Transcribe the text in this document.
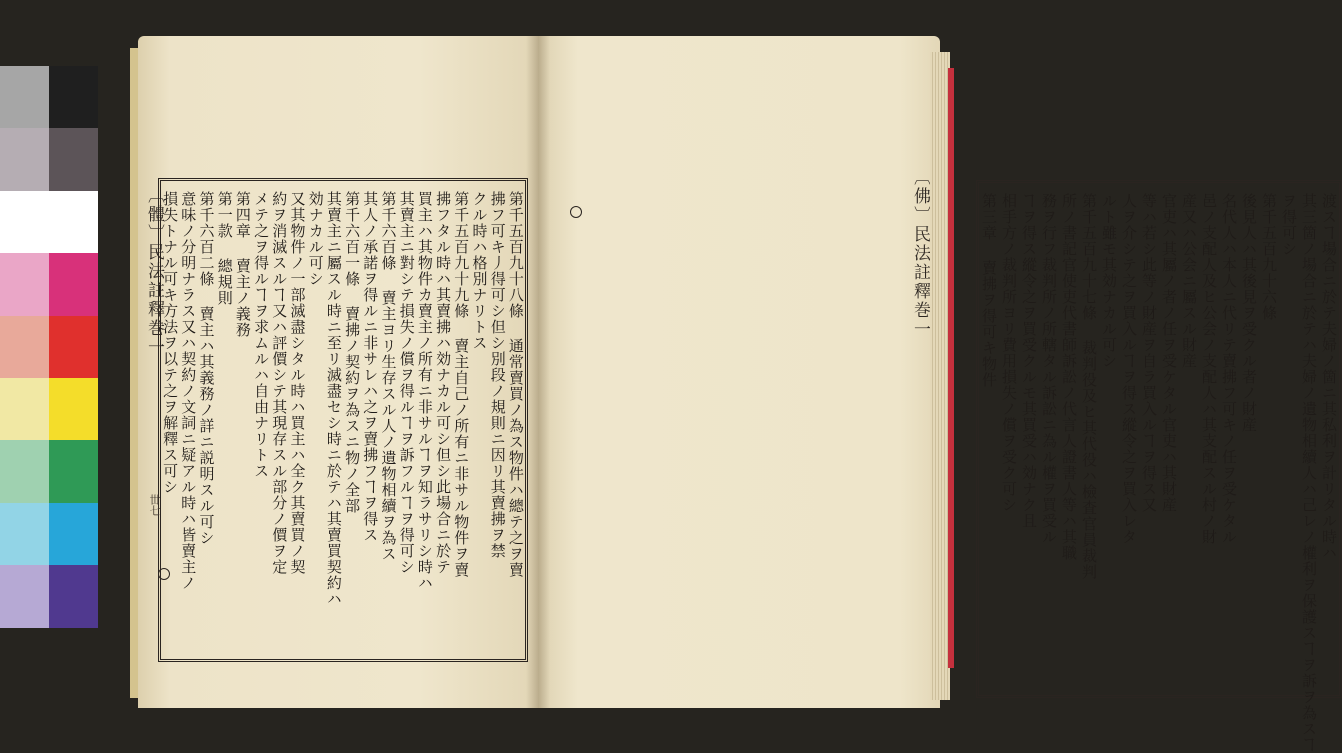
第千五百九十八條 通常賣買ノ為ス物件ハ總テ之ヲ賣
拂フ可キ丿得可シ但シ別段ノ規則ニ因リ其賣拂ヲ禁
クル時ハ格別ナリトス
第千五百九十九條 賣主自己ノ所有ニ非サル物件ヲ賣
拂フタル時ハ其賣拂ハ効ナカル可シ但シ此場合ニ於テ
買主ハ其物件カ賣主ノ所有ニ非サルヿヲ知ラサリシ時ハ
其賣主ニ對シテ損失ノ償ヲ得ルヿヲ訴フルヿヲ得可シ
第千六百條 賣主ヨリ生存スル人ノ遺物相續ヲ為ス
其人ノ承諾ヲ得ルニ非サレハ之ヲ賣拂フヿヲ得ス
第千六百一條 賣拂ノ契約ヲ為スニ物ノ全部
其賣主ニ屬スル時ニ至リ滅盡セシ時ニ於テハ其賣買契約ハ
効ナカル可シ
又其物件ノ一部滅盡シタル時ハ買主ハ全ク其賣買ノ契
約ヲ消滅スルヿ又ハ評價シテ其現存スル部分ノ價ヲ定
メテ之ヲ得ルヿヲ求ムルハ自由ナリトス
第四章 賣主ノ義務
第一款 總規則
第千六百二條 賣主ハ其義務ノ詳ニ説明スル可シ
意味ノ分明ナラス又ハ契約ノ文詞ニ疑アル時ハ皆賣主ノ
損失トナル可キ方法ヲ以テ之ヲ解釋ス可シ
〔體〕民法註釋巻一
丗七	渡スヿ場合ニ於テ夫婦ノ箇ニ其私利ヲ計リタル時ハ
其三箇ノ場合ニ於テハ夫婦ノ遺物相續人ハ己レノ權利ヲ保護スヿヲ訴ヲ為スヿ
ヲ得可シ
第千五百九十六條
後見人ハ其後見ヲ受クル者ノ財産
名代人ハ本人ニ代リテ賣拂フ可キノ任ヲ受ケタル
邑ノ支配人及ヒ公会ノ支配人ハ其支配スル村ノ財
産又ハ公会ニ屬スル財産
官吏ハ其屬ノ者ノ任ヲ受ケタル官吏ハ其財産
等ハ若シ此等ノ財産ヲ自ラ買入ルヿヲ得ス又
人ヲ介シテ之ヲ買入ルヿヲ得ス縱令之ヲ買入レタ
ルト雖モ其効ナカル可シ
第千五百九十七條 裁判役及ヒ其代役ハ檢査官員裁判
所ノ書記官使吏代書師訴訟ノ代言人證書人等ハ其職
務ヲ行フ裁判所ノ所轄タル訴訟ニ為ル權ヲ買受ル
ヿヲ得ス縱令之ヲ買受クルモ其買受ハ効ナク且
相手方ノ裁判所ヨリ費用損失ノ償ヲ受ク可シ
第三章 賣拂ヲ得可キ物件
〔佛〕民法註釋巻一
